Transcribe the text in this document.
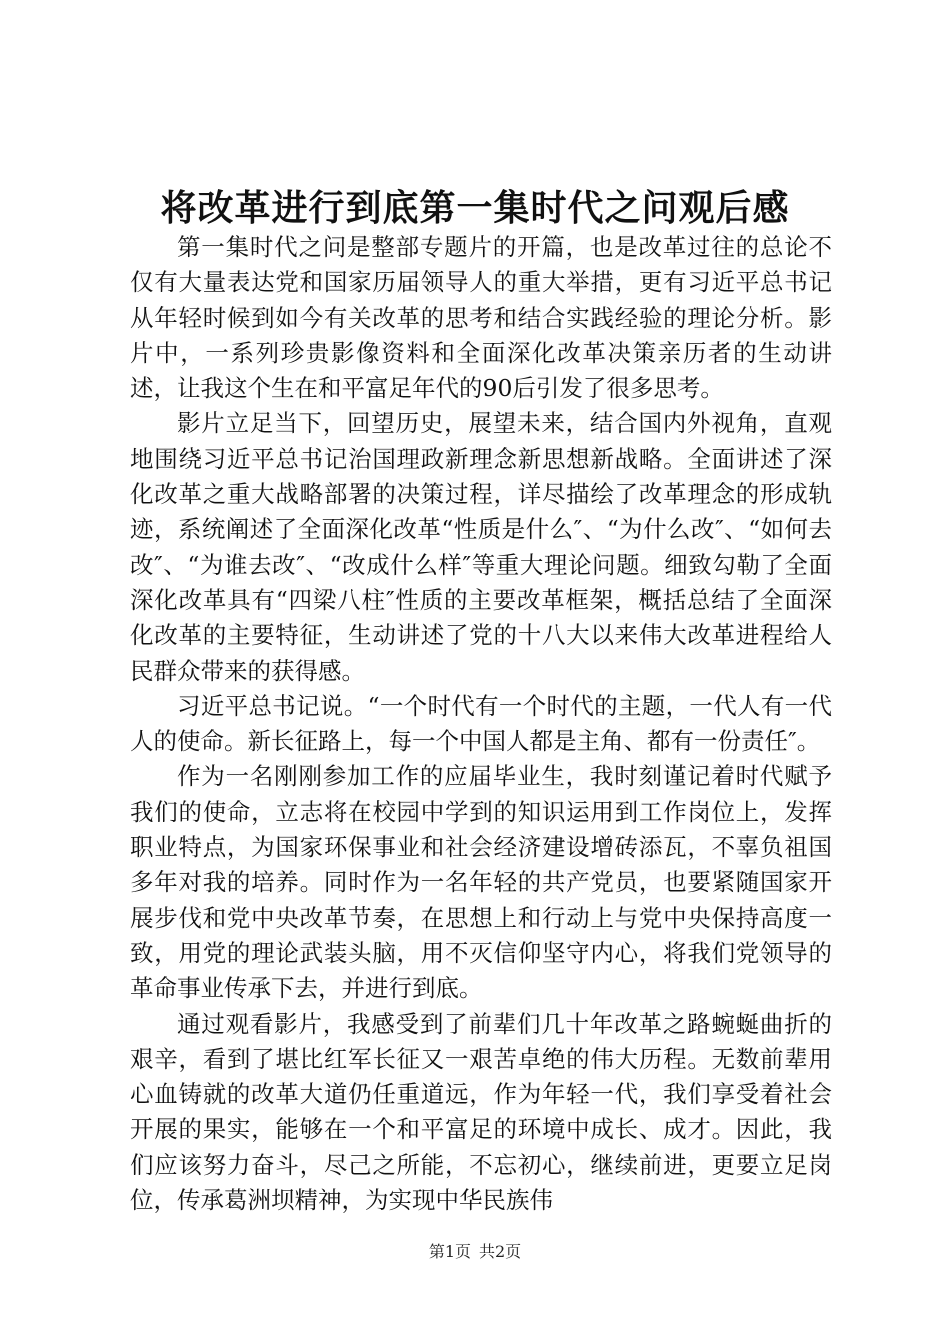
将改革进行到底第一集时代之问观后感

第一集时代之问是整部专题片的开篇，也是改革过往的总论不仅有大量表达党和国家历届领导人的重大举措，更有习近平总书记从年轻时候到如今有关改革的思考和结合实践经验的理论分析。影片中，一系列珍贵影像资料和全面深化改革决策亲历者的生动讲述，让我这个生在和平富足年代的90后引发了很多思考。

影片立足当下，回望历史，展望未来，结合国内外视角，直观地围绕习近平总书记治国理政新理念新思想新战略。全面讲述了深化改革之重大战略部署的决策过程，详尽描绘了改革理念的形成轨迹，系统阐述了全面深化改革“性质是什么″、“为什么改″、“如何去改″、“为谁去改″、“改成什么样″等重大理论问题。细致勾勒了全面深化改革具有“四梁八柱″性质的主要改革框架，概括总结了全面深化改革的主要特征，生动讲述了党的十八大以来伟大改革进程给人民群众带来的获得感。

习近平总书记说。“一个时代有一个时代的主题，一代人有一代人的使命。新长征路上，每一个中国人都是主角、都有一份责任″。

作为一名刚刚参加工作的应届毕业生，我时刻谨记着时代赋予我们的使命，立志将在校园中学到的知识运用到工作岗位上，发挥职业特点，为国家环保事业和社会经济建设增砖添瓦，不辜负祖国多年对我的培养。同时作为一名年轻的共产党员，也要紧随国家开展步伐和党中央改革节奏，在思想上和行动上与党中央保持高度一致，用党的理论武装头脑，用不灭信仰坚守内心，将我们党领导的革命事业传承下去，并进行到底。

通过观看影片，我感受到了前辈们几十年改革之路蜿蜒曲折的艰辛，看到了堪比红军长征又一艰苦卓绝的伟大历程。无数前辈用心血铸就的改革大道仍任重道远，作为年轻一代，我们享受着社会开展的果实，能够在一个和平富足的环境中成长、成才。因此，我们应该努力奋斗，尽己之所能，不忘初心，继续前进，更要立足岗位，传承葛洲坝精神，为实现中华民族伟

第1页 共2页
